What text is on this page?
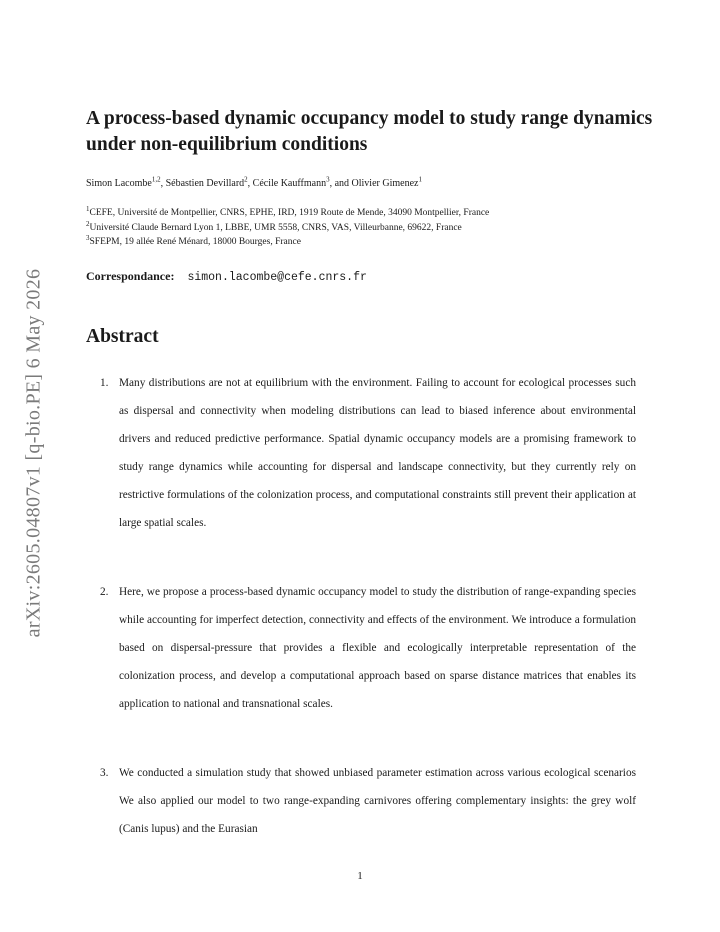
arXiv:2605.04807v1 [q-bio.PE] 6 May 2026
A process-based dynamic occupancy model to study range dynamics under non-equilibrium conditions
Simon Lacombe$^{1,2}$, Sébastien Devillard$^2$, Cécile Kauffmann$^3$, and Olivier Gimenez$^1$
$^1$CEFE, Université de Montpellier, CNRS, EPHE, IRD, 1919 Route de Mende, 34090 Montpellier, France
$^2$Université Claude Bernard Lyon 1, LBBE, UMR 5558, CNRS, VAS, Villeurbanne, 69622, France
$^3$SFEPM, 19 allée René Ménard, 18000 Bourges, France
Correspondance: simon.lacombe@cefe.cnrs.fr
Abstract
1. Many distributions are not at equilibrium with the environment. Failing to account for ecological processes such as dispersal and connectivity when modeling distributions can lead to biased inference about environmental drivers and reduced predictive performance. Spatial dynamic occupancy models are a promising framework to study range dynamics while accounting for dispersal and landscape connectivity, but they currently rely on restrictive formulations of the colonization process, and computational constraints still prevent their application at large spatial scales.
2. Here, we propose a process-based dynamic occupancy model to study the distribution of range-expanding species while accounting for imperfect detection, connectivity and effects of the environment. We introduce a formulation based on dispersal-pressure that provides a flexible and ecologically interpretable representation of the colonization process, and develop a computational approach based on sparse distance matrices that enables its application to national and transnational scales.
3. We conducted a simulation study that showed unbiased parameter estimation across various ecological scenarios We also applied our model to two range-expanding carnivores offering complementary insights: the grey wolf (Canis lupus) and the Eurasian
1
